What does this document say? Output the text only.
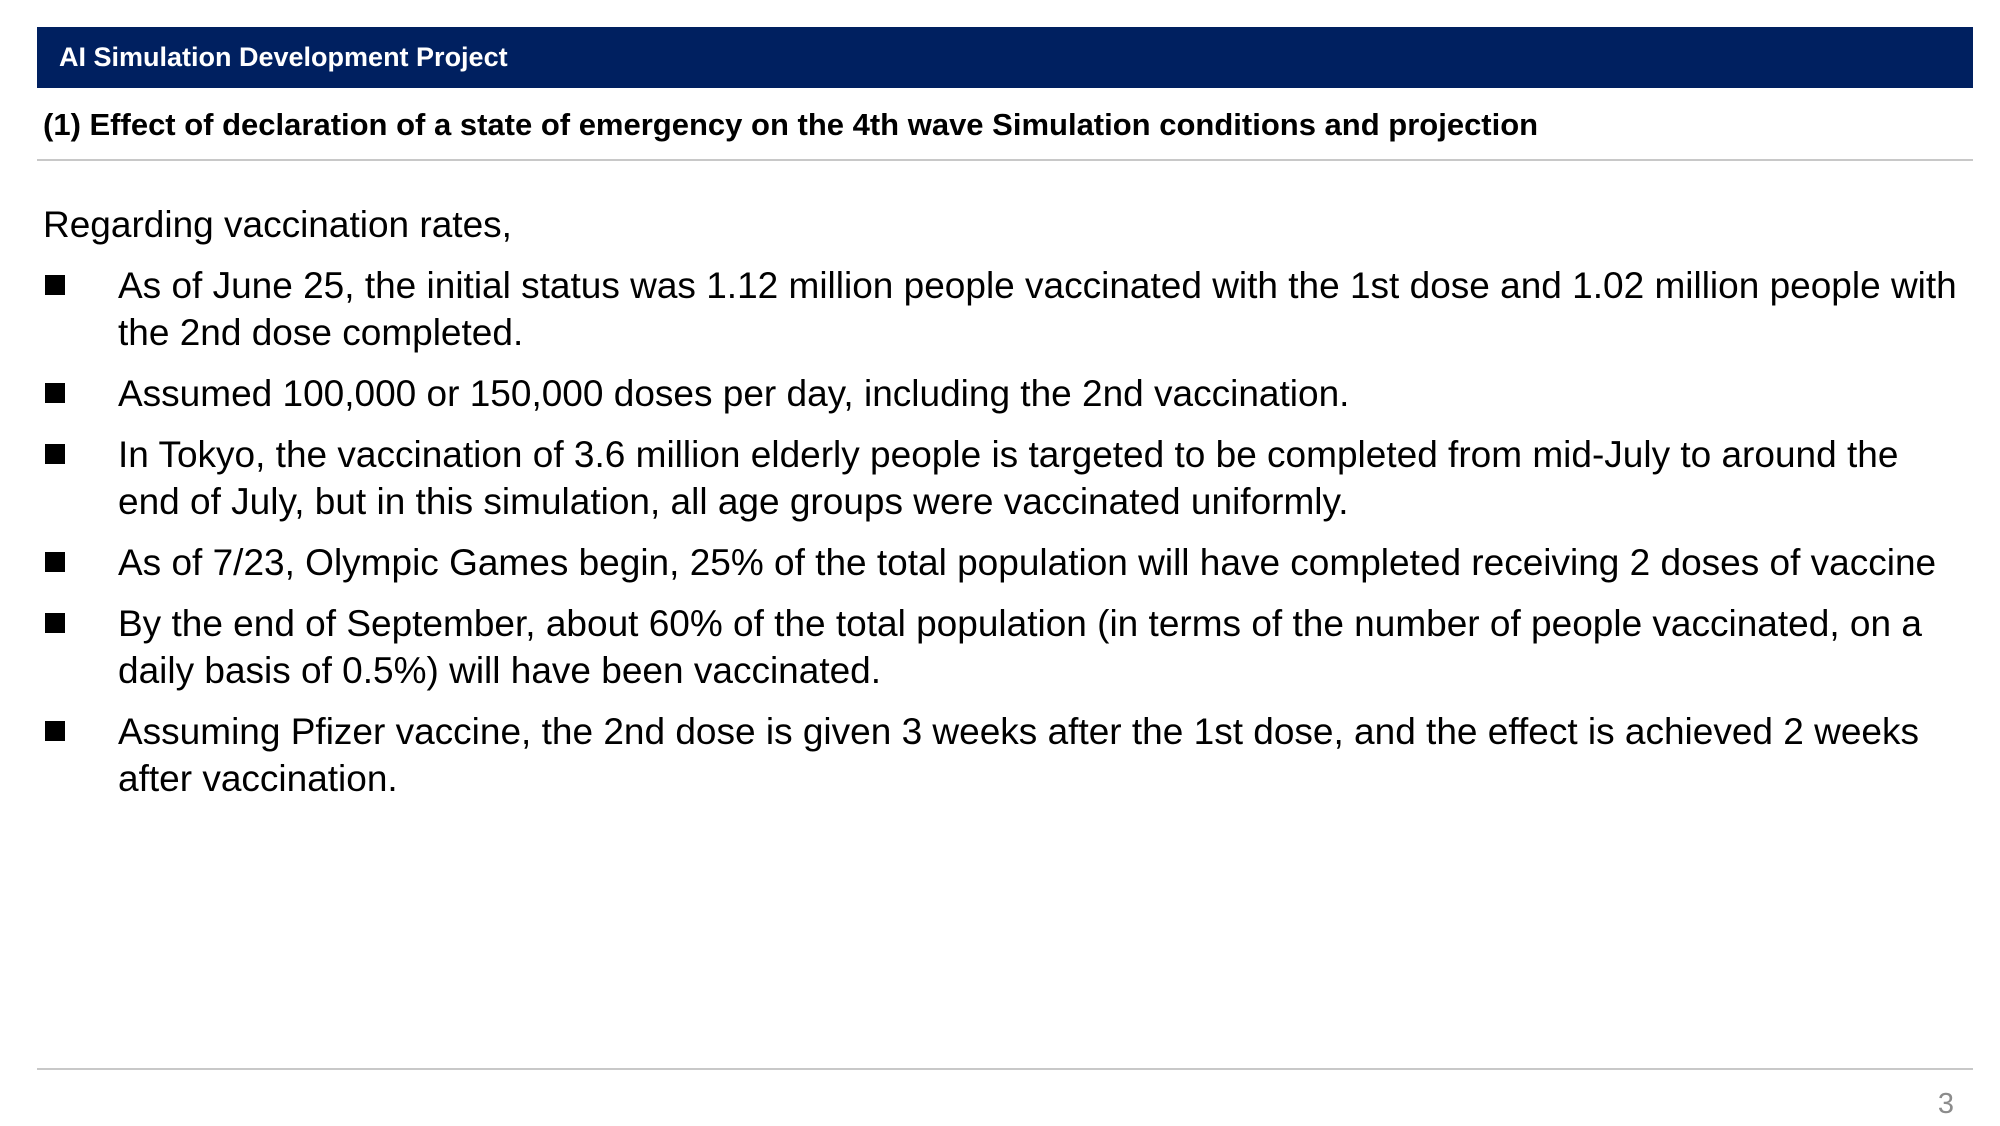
AI Simulation Development Project
(1) Effect of declaration of a state of emergency on the 4th wave Simulation conditions and projection
Regarding vaccination rates,
As of June 25, the initial status was 1.12 million people vaccinated with the 1st dose and 1.02 million people with the 2nd dose completed.
Assumed 100,000 or 150,000 doses per day, including the 2nd vaccination.
In Tokyo, the vaccination of 3.6 million elderly people is targeted to be completed from mid-July to around the end of July, but in this simulation, all age groups were vaccinated uniformly.
As of 7/23, Olympic Games begin, 25% of the total population will have completed receiving 2 doses of vaccine
By the end of September, about 60% of the total population (in terms of the number of people vaccinated, on a daily basis of 0.5%) will have been vaccinated.
Assuming Pfizer vaccine, the 2nd dose is given 3 weeks after the 1st dose, and the effect is achieved 2 weeks after vaccination.
3
